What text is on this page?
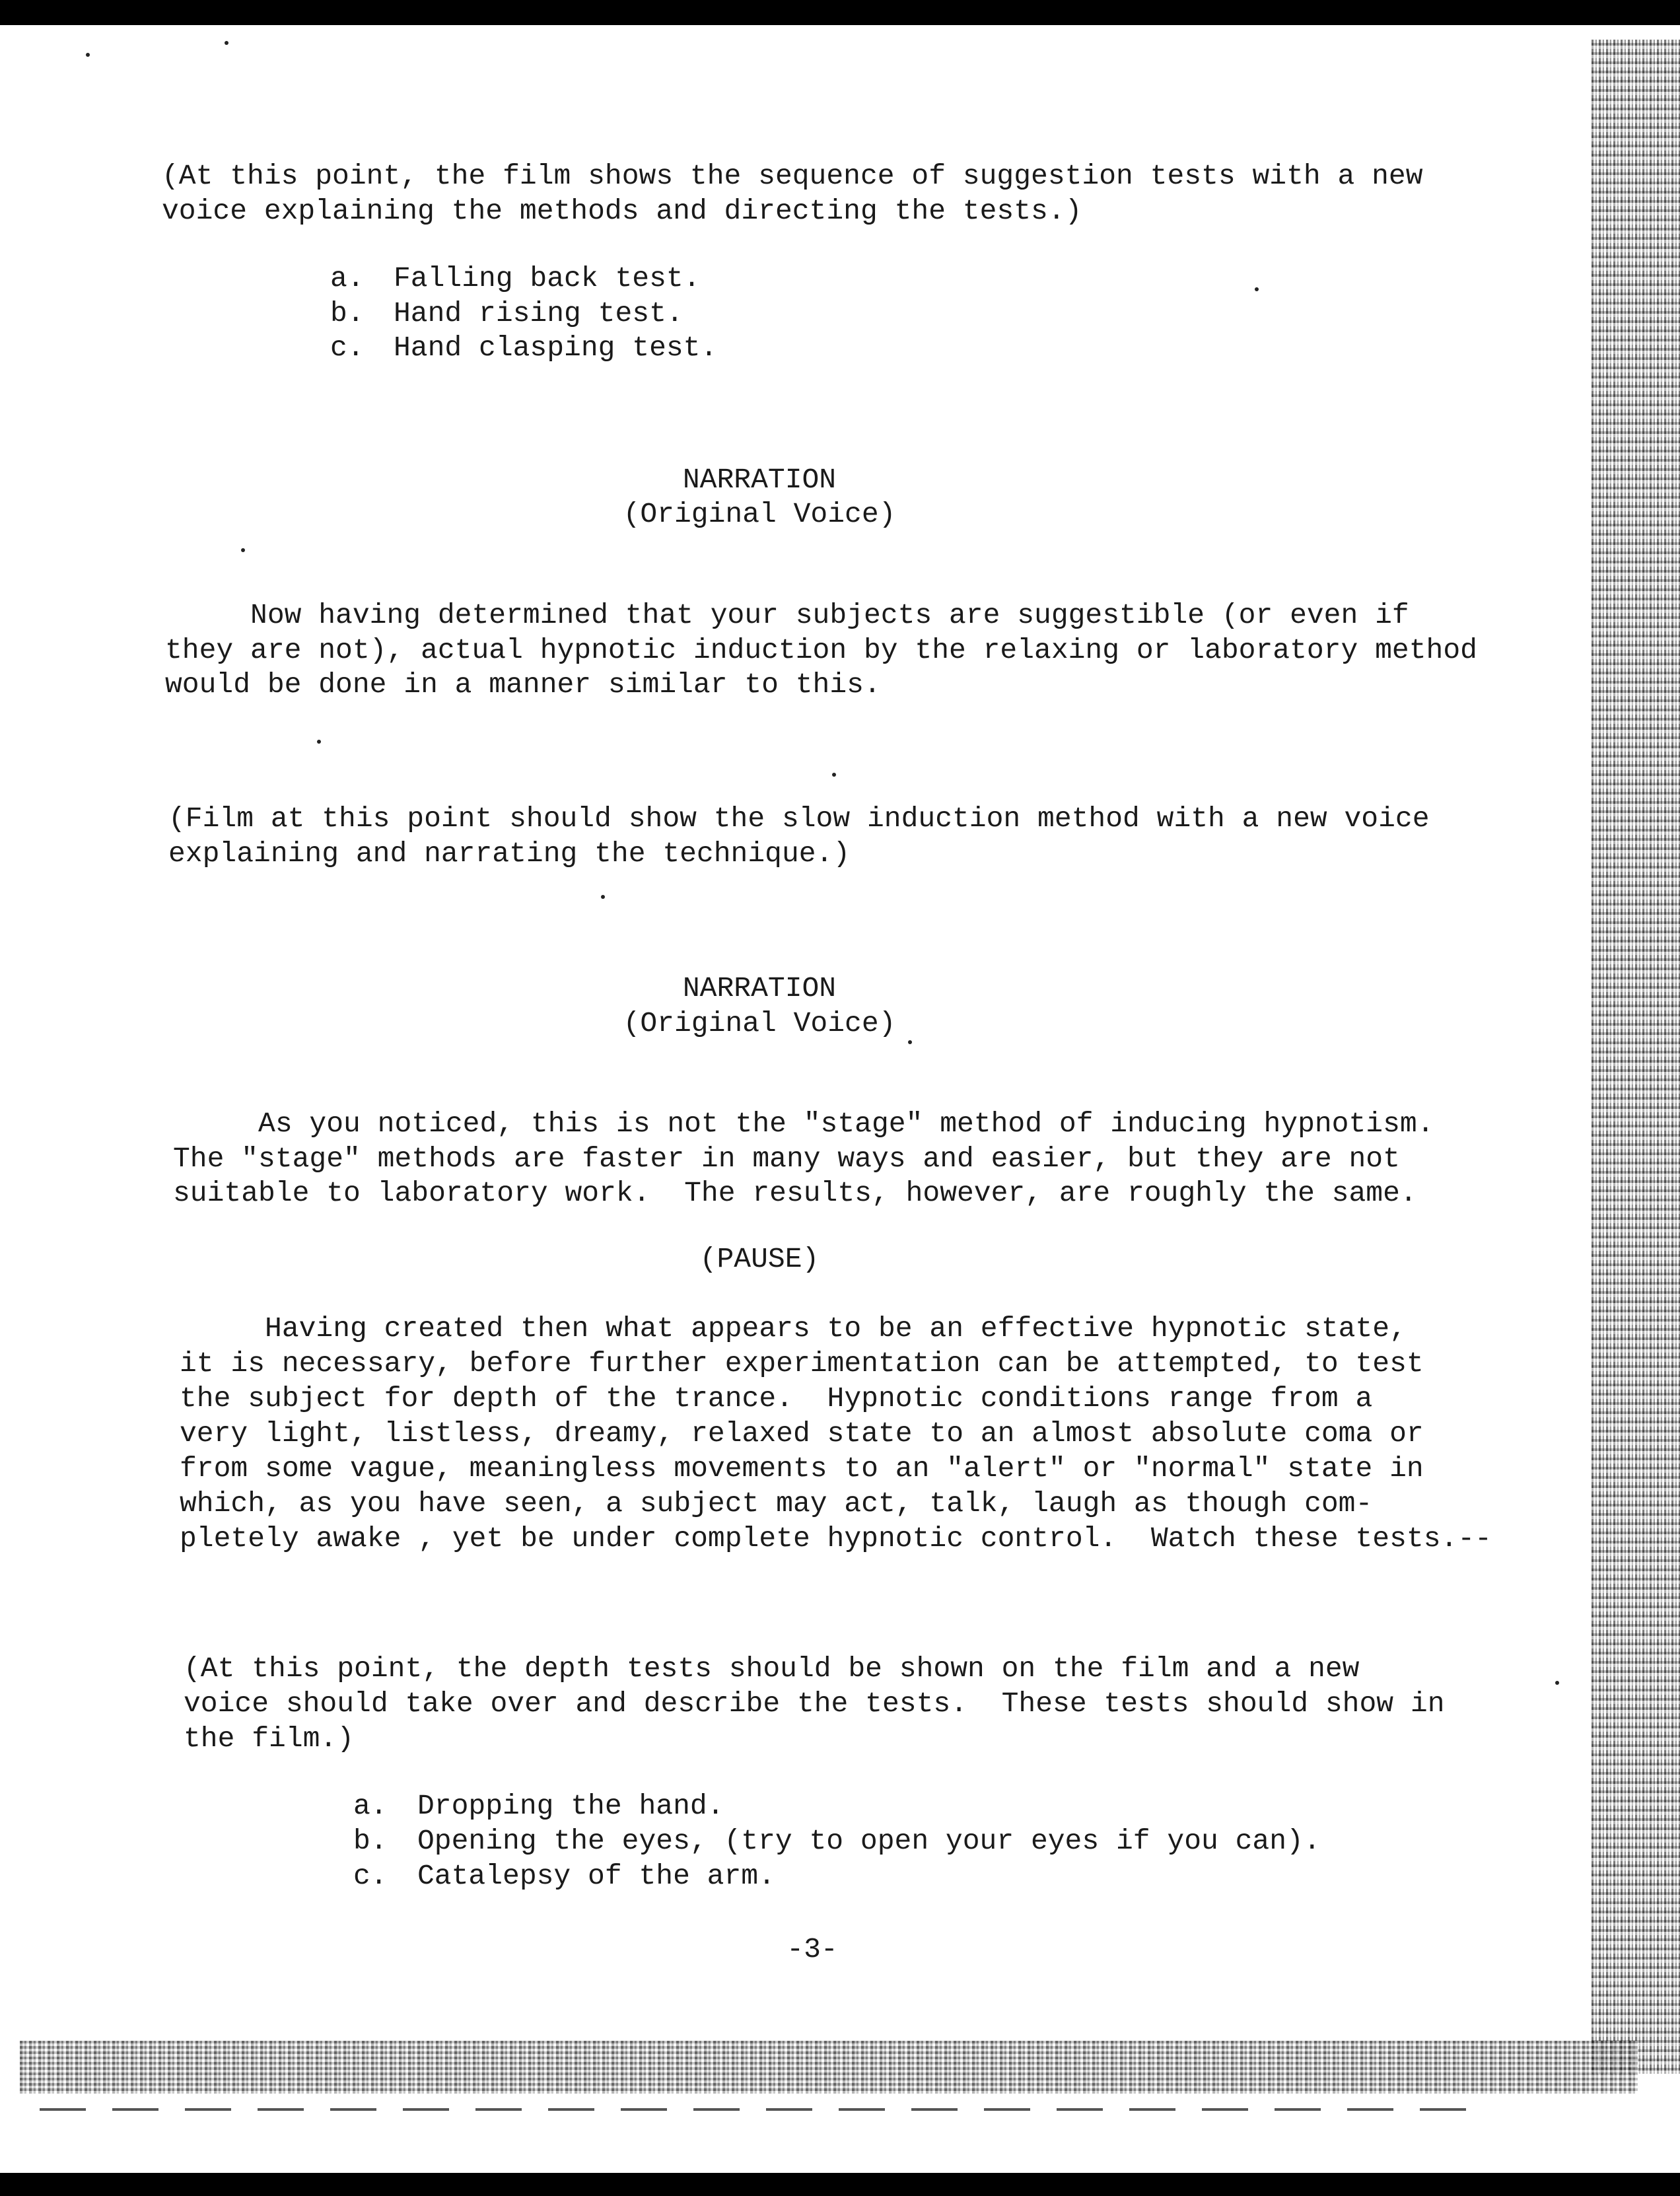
(At this point, the film shows the sequence of suggestion tests with a new
voice explaining the methods and directing the tests.)
a. Falling back test.
b. Hand rising test.
c. Hand clasping test.
NARRATION
(Original Voice)
Now having determined that your subjects are suggestible (or even if
they are not), actual hypnotic induction by the relaxing or laboratory method
would be done in a manner similar to this.
(Film at this point should show the slow induction method with a new voice
explaining and narrating the technique.)
NARRATION
(Original Voice)
As you noticed, this is not the "stage" method of inducing hypnotism.
The "stage" methods are faster in many ways and easier, but they are not
suitable to laboratory work.  The results, however, are roughly the same.
(PAUSE)
Having created then what appears to be an effective hypnotic state,
it is necessary, before further experimentation can be attempted, to test
the subject for depth of the trance.  Hypnotic conditions range from a
very light, listless, dreamy, relaxed state to an almost absolute coma or
from some vague, meaningless movements to an "alert" or "normal" state in
which, as you have seen, a subject may act, talk, laugh as though com-
pletely awake , yet be under complete hypnotic control.  Watch these tests.--
(At this point, the depth tests should be shown on the film and a new
voice should take over and describe the tests.  These tests should show in
the film.)
a. Dropping the hand.
b. Opening the eyes, (try to open your eyes if you can).
c. Catalepsy of the arm.
-3-
